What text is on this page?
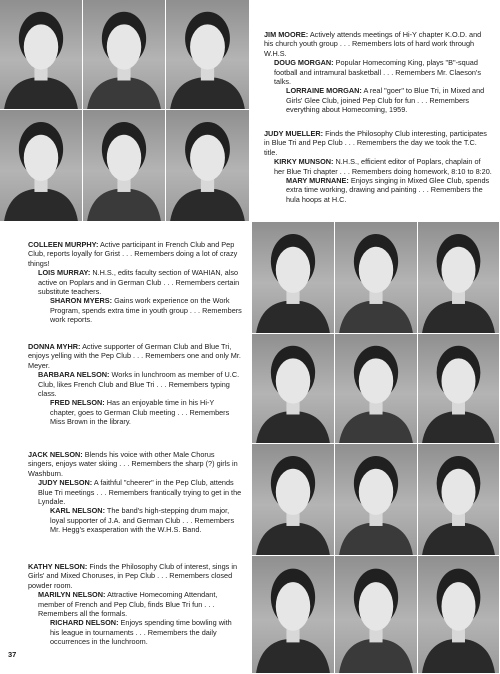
JIM MOORE: Actively attends meetings of Hi-Y chapter K.O.D. and his church youth group . . . Remembers lots of hard work through W.H.S.

DOUG MORGAN: Popular Homecoming King, plays "B"-squad football and intramural basketball . . . Remembers Mr. Claeson's talks.

LORRAINE MORGAN: A real "goer" to Blue Tri, in Mixed and Girls' Glee Club, joined Pep Club for fun . . . Remembers everything about Homecoming, 1959.

JUDY MUELLER: Finds the Philosophy Club interesting, participates in Blue Tri and Pep Club . . . Remembers the day we took the T.C. title.

KIRKY MUNSON: N.H.S., efficient editor of Poplars, chaplain of her Blue Tri chapter . . . Remembers doing homework, 8:10 to 8:20.

MARY MURNANE: Enjoys singing in Mixed Glee Club, spends extra time working, drawing and painting . . . Remembers the hula hoops at H.C.

COLLEEN MURPHY: Active participant in French Club and Pep Club, reports loyally for Grist . . . Remembers doing a lot of crazy things!

LOIS MURRAY: N.H.S., edits faculty section of WAHIAN, also active on Poplars and in German Club . . . Remembers certain substitute teachers.

SHARON MYERS: Gains work experience on the Work Program, spends extra time in youth group . . . Remembers work reports.

DONNA MYHR: Active supporter of German Club and Blue Tri, enjoys yelling with the Pep Club . . . Remembers one and only Mr. Meyer.

BARBARA NELSON: Works in lunchroom as member of U.C. Club, likes French Club and Blue Tri . . . Remembers typing class.

FRED NELSON: Has an enjoyable time in his Hi-Y chapter, goes to German Club meeting . . . Remembers Miss Brown in the library.

JACK NELSON: Blends his voice with other Male Chorus singers, enjoys water skiing . . . Remembers the sharp (?) girls in Washburn.

JUDY NELSON: A faithful "cheerer" in the Pep Club, attends Blue Tri meetings . . . Remembers frantically trying to get in the Lyndale.

KARL NELSON: The band's high-stepping drum major, loyal supporter of J.A. and German Club . . . Remembers Mr. Hegg's exasperation with the W.H.S. Band.

KATHY NELSON: Finds the Philosophy Club of interest, sings in Girls' and Mixed Choruses, in Pep Club . . . Remembers closed powder room.

MARILYN NELSON: Attractive Homecoming Attendant, member of French and Pep Club, finds Blue Tri fun . . . Remembers all the formals.

RICHARD NELSON: Enjoys spending time bowling with his league in tournaments . . . Remembers the daily occurrences in the lunchroom.

37
